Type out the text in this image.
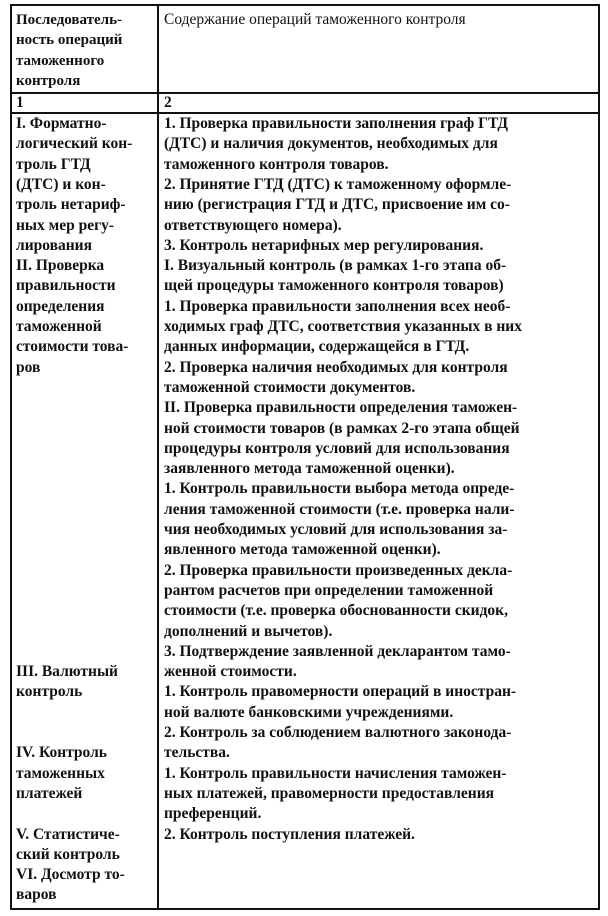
Последователь-
ность операций
таможенного
контроля
Содержание операций таможенного контроля
1	2
I. Форматно-
логический кон-
троль ГТД
(ДТС) и кон-
троль нетариф-
ных мер регу-
лирования
II. Проверка
правильности
определения
таможенной
стоимости това-
ров
III. Валютный
контроль
IV. Контроль
таможенных
платежей
V. Статистиче-
ский контроль
VI. Досмотр то-
варов
1. Проверка правильности заполнения граф ГТД
(ДТС) и наличия документов, необходимых для
таможенного контроля товаров.
2. Принятие ГТД (ДТС) к таможенному оформле-
нию (регистрация ГТД и ДТС, присвоение им со-
ответствующего номера).
3. Контроль нетарифных мер регулирования.
I. Визуальный контроль (в рамках 1-го этапа об-
щей процедуры таможенного контроля товаров)
1. Проверка правильности заполнения всех необ-
ходимых граф ДТС, соответствия указанных в них
данных информации, содержащейся в ГТД.
2. Проверка наличия необходимых для контроля
таможенной стоимости документов.
II. Проверка правильности определения таможен-
ной стоимости товаров (в рамках 2-го этапа общей
процедуры контроля условий для использования
заявленного метода таможенной оценки).
1. Контроль правильности выбора метода опреде-
ления таможенной стоимости (т.е. проверка нали-
чия необходимых условий для использования за-
явленного метода таможенной оценки).
2. Проверка правильности произведенных декла-
рантом расчетов при определении таможенной
стоимости (т.е. проверка обоснованности скидок,
дополнений и вычетов).
3. Подтверждение заявленной декларантом тамо-
женной стоимости.
1. Контроль правомерности операций в иностран-
ной валюте банковскими учреждениями.
2. Контроль за соблюдением валютного законода-
тельства.
1. Контроль правильности начисления таможен-
ных платежей, правомерности предоставления
преференций.
2. Контроль поступления платежей.
